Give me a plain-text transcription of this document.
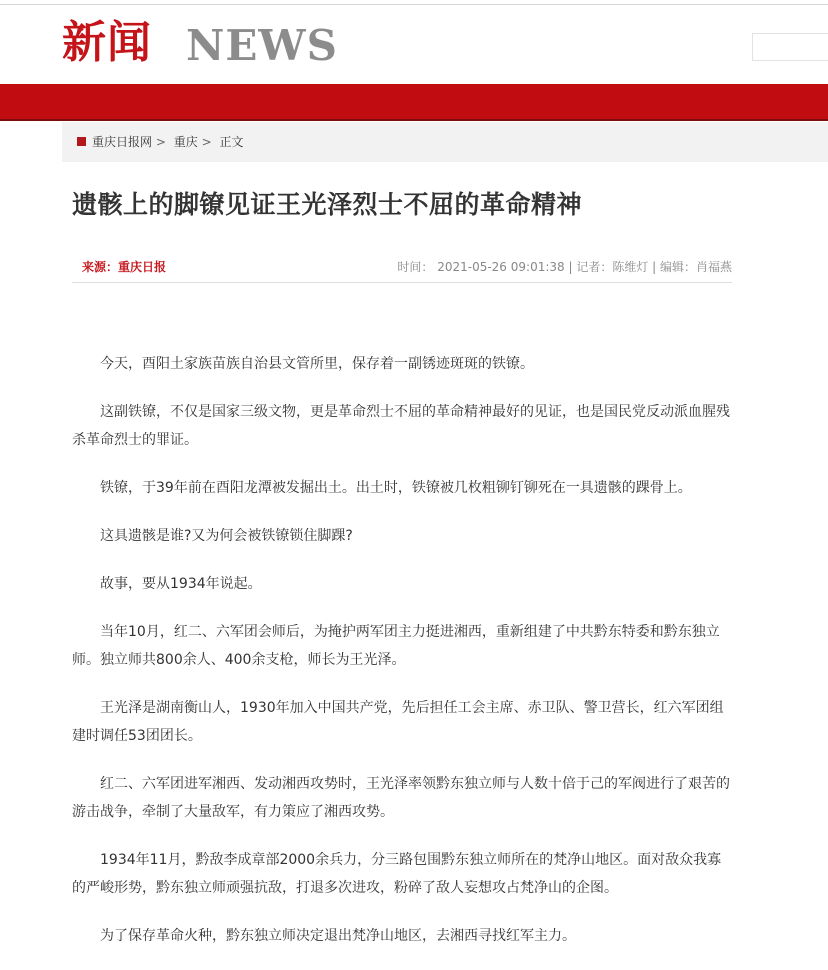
新闻 NEWS
重庆日报网 > 重庆 > 正文
遗骸上的脚镣见证王光泽烈士不屈的革命精神
来源：重庆日报	时间： 2021-05-26 09:01:38 | 记者：陈维灯 | 编辑：肖福燕

今天，酉阳土家族苗族自治县文管所里，保存着一副锈迹斑斑的铁镣。

这副铁镣，不仅是国家三级文物，更是革命烈士不屈的革命精神最好的见证，也是国民党反动派血腥残杀革命烈士的罪证。

铁镣，于39年前在酉阳龙潭被发掘出土。出土时，铁镣被几枚粗铆钉铆死在一具遗骸的踝骨上。

这具遗骸是谁?又为何会被铁镣锁住脚踝?

故事，要从1934年说起。

当年10月，红二、六军团会师后，为掩护两军团主力挺进湘西，重新组建了中共黔东特委和黔东独立师。独立师共800余人、400余支枪，师长为王光泽。

王光泽是湖南衡山人，1930年加入中国共产党，先后担任工会主席、赤卫队、警卫营长，红六军团组建时调任53团团长。

红二、六军团进军湘西、发动湘西攻势时，王光泽率领黔东独立师与人数十倍于己的军阀进行了艰苦的游击战争，牵制了大量敌军，有力策应了湘西攻势。

1934年11月，黔敌李成章部2000余兵力，分三路包围黔东独立师所在的梵净山地区。面对敌众我寡的严峻形势，黔东独立师顽强抗敌，打退多次进攻，粉碎了敌人妄想攻占梵净山的企图。

为了保存革命火种，黔东独立师决定退出梵净山地区，去湘西寻找红军主力。
